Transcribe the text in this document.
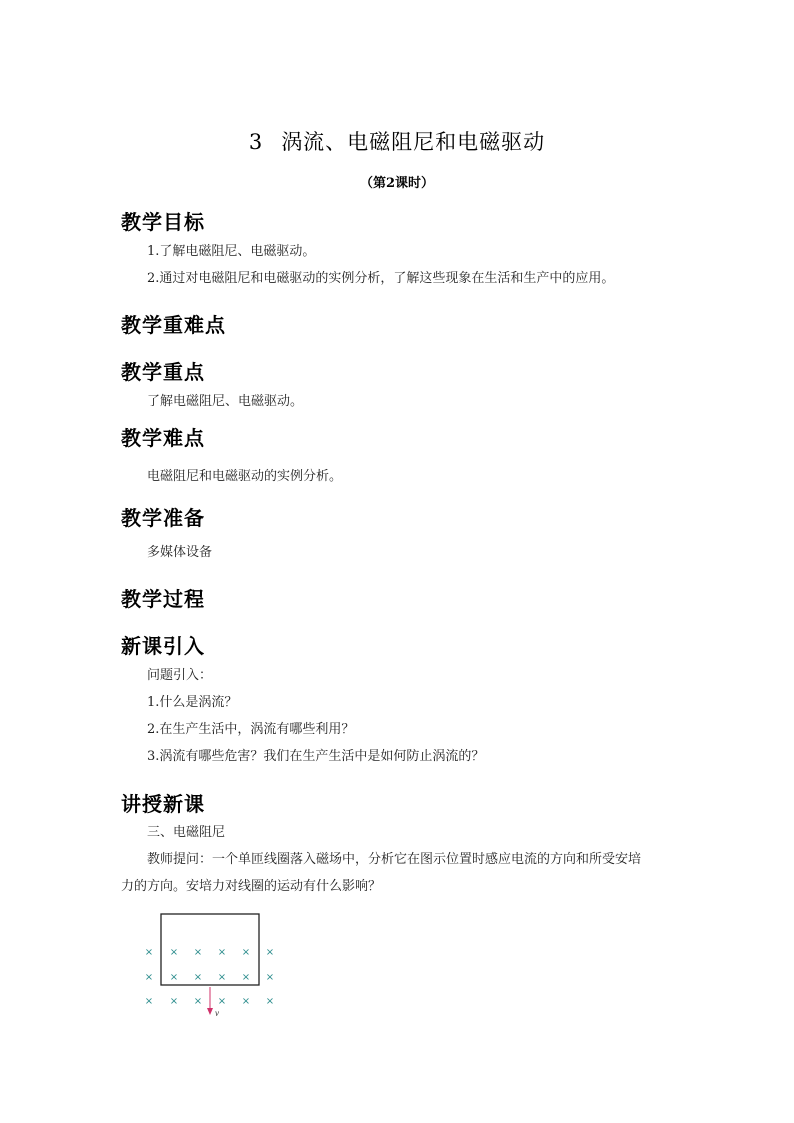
3 涡流、电磁阻尼和电磁驱动
（第2课时）
教学目标
1.了解电磁阻尼、电磁驱动。
2.通过对电磁阻尼和电磁驱动的实例分析，了解这些现象在生活和生产中的应用。
教学重难点
教学重点
了解电磁阻尼、电磁驱动。
教学难点
电磁阻尼和电磁驱动的实例分析。
教学准备
多媒体设备
教学过程
新课引入
问题引入：
1.什么是涡流？
2.在生产生活中，涡流有哪些利用？
3.涡流有哪些危害？我们在生产生活中是如何防止涡流的？
讲授新课
三、电磁阻尼
教师提问：一个单匝线圈落入磁场中，分析它在图示位置时感应电流的方向和所受安培
力的方向。安培力对线圈的运动有什么影响？
× × × × × ×
× × × × × ×
× × × × × ×
v
